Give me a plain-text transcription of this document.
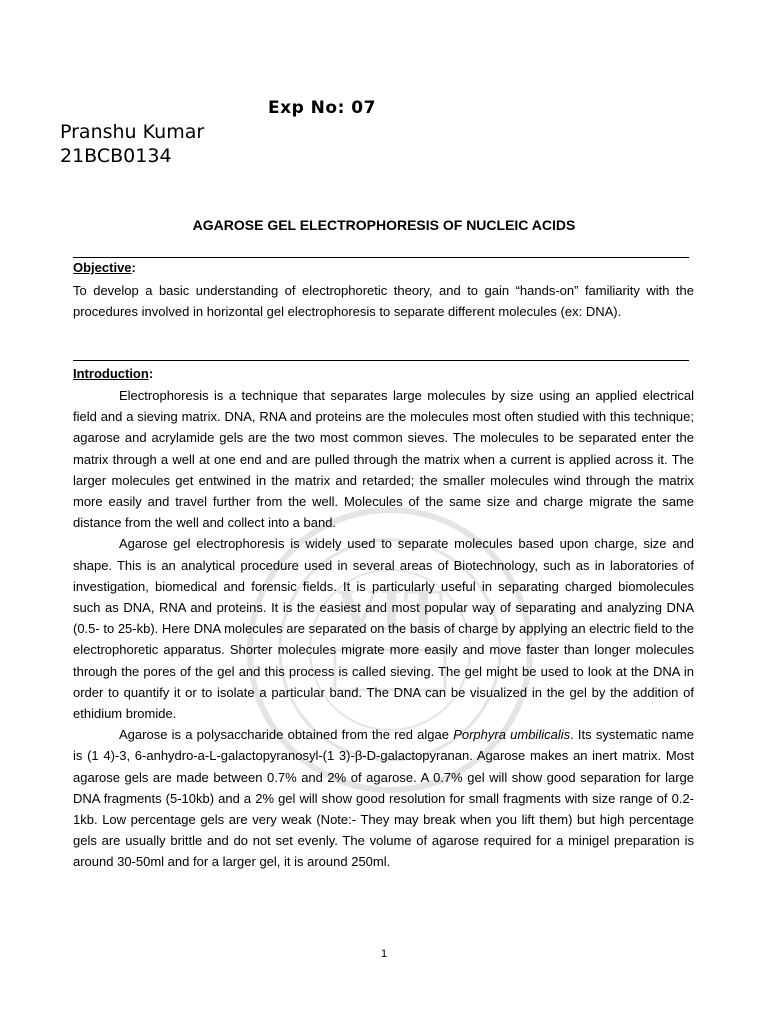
VIT
Exp No: 07
Pranshu Kumar
21BCB0134
AGAROSE GEL ELECTROPHORESIS OF NUCLEIC ACIDS
Objective:

To develop a basic understanding of electrophoretic theory, and to gain “hands-on” familiarity with the procedures involved in horizontal gel electrophoresis to separate different molecules (ex: DNA).

Introduction:

Electrophoresis is a technique that separates large molecules by size using an applied electrical field and a sieving matrix. DNA, RNA and proteins are the molecules most often studied with this technique; agarose and acrylamide gels are the two most common sieves. The molecules to be separated enter the matrix through a well at one end and are pulled through the matrix when a current is applied across it. The larger molecules get entwined in the matrix and retarded; the smaller molecules wind through the matrix more easily and travel further from the well. Molecules of the same size and charge migrate the same distance from the well and collect into a band.

Agarose gel electrophoresis is widely used to separate molecules based upon charge, size and shape. This is an analytical procedure used in several areas of Biotechnology, such as in laboratories of investigation, biomedical and forensic fields. It is particularly useful in separating charged biomolecules such as DNA, RNA and proteins. It is the easiest and most popular way of separating and analyzing DNA (0.5- to 25-kb). Here DNA molecules are separated on the basis of charge by applying an electric field to the electrophoretic apparatus. Shorter molecules migrate more easily and move faster than longer molecules through the pores of the gel and this process is called sieving. The gel might be used to look at the DNA in order to quantify it or to isolate a particular band. The DNA can be visualized in the gel by the addition of ethidium bromide.

Agarose is a polysaccharide obtained from the red algae Porphyra umbilicalis. Its systematic name is (1 4)-3, 6-anhydro-a-L-galactopyranosyl-(1 3)-β-D-galactopyranan. Agarose makes an inert matrix. Most agarose gels are made between 0.7% and 2% of agarose. A 0.7% gel will show good separation for large DNA fragments (5-10kb) and a 2% gel will show good resolution for small fragments with size range of 0.2-1kb. Low percentage gels are very weak (Note:- They may break when you lift them) but high percentage gels are usually brittle and do not set evenly. The volume of agarose required for a minigel preparation is around 30-50ml and for a larger gel, it is around 250ml.

1
